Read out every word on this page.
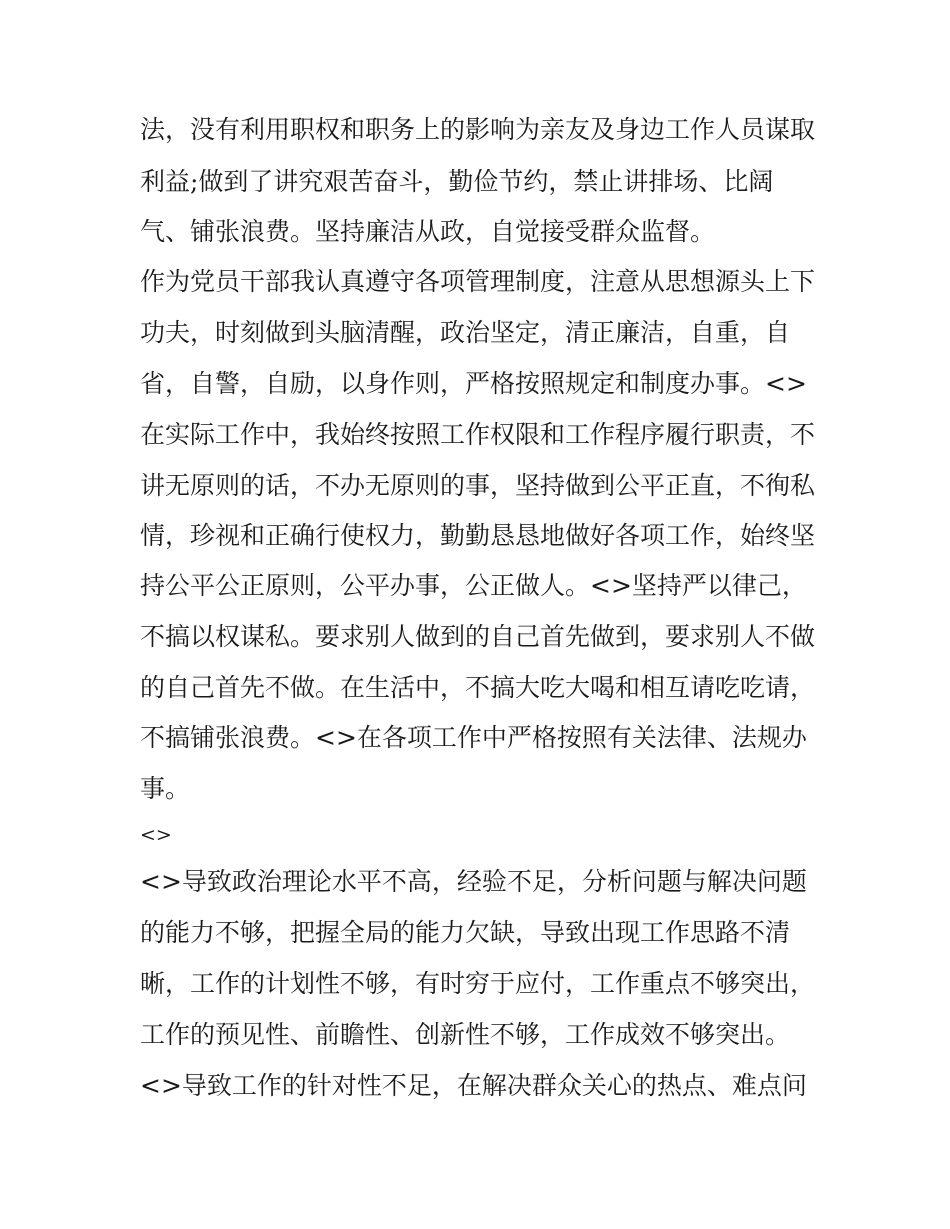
法，没有利用职权和职务上的影响为亲友及身边工作人员谋取
利益;做到了讲究艰苦奋斗，勤俭节约，禁止讲排场、比阔
气、铺张浪费。坚持廉洁从政，自觉接受群众监督。
作为党员干部我认真遵守各项管理制度，注意从思想源头上下
功夫，时刻做到头脑清醒，政治坚定，清正廉洁，自重，自
省，自警，自励，以身作则，严格按照规定和制度办事。<>
在实际工作中，我始终按照工作权限和工作程序履行职责，不
讲无原则的话，不办无原则的事，坚持做到公平正直，不徇私
情，珍视和正确行使权力，勤勤恳恳地做好各项工作，始终坚
持公平公正原则，公平办事，公正做人。<>坚持严以律己，
不搞以权谋私。要求别人做到的自己首先做到，要求别人不做
的自己首先不做。在生活中，不搞大吃大喝和相互请吃吃请，
不搞铺张浪费。<>在各项工作中严格按照有关法律、法规办
事。
<>
<>导致政治理论水平不高，经验不足，分析问题与解决问题
的能力不够，把握全局的能力欠缺，导致出现工作思路不清
晰，工作的计划性不够，有时穷于应付，工作重点不够突出，
工作的预见性、前瞻性、创新性不够，工作成效不够突出。
<>导致工作的针对性不足，在解决群众关心的热点、难点问
